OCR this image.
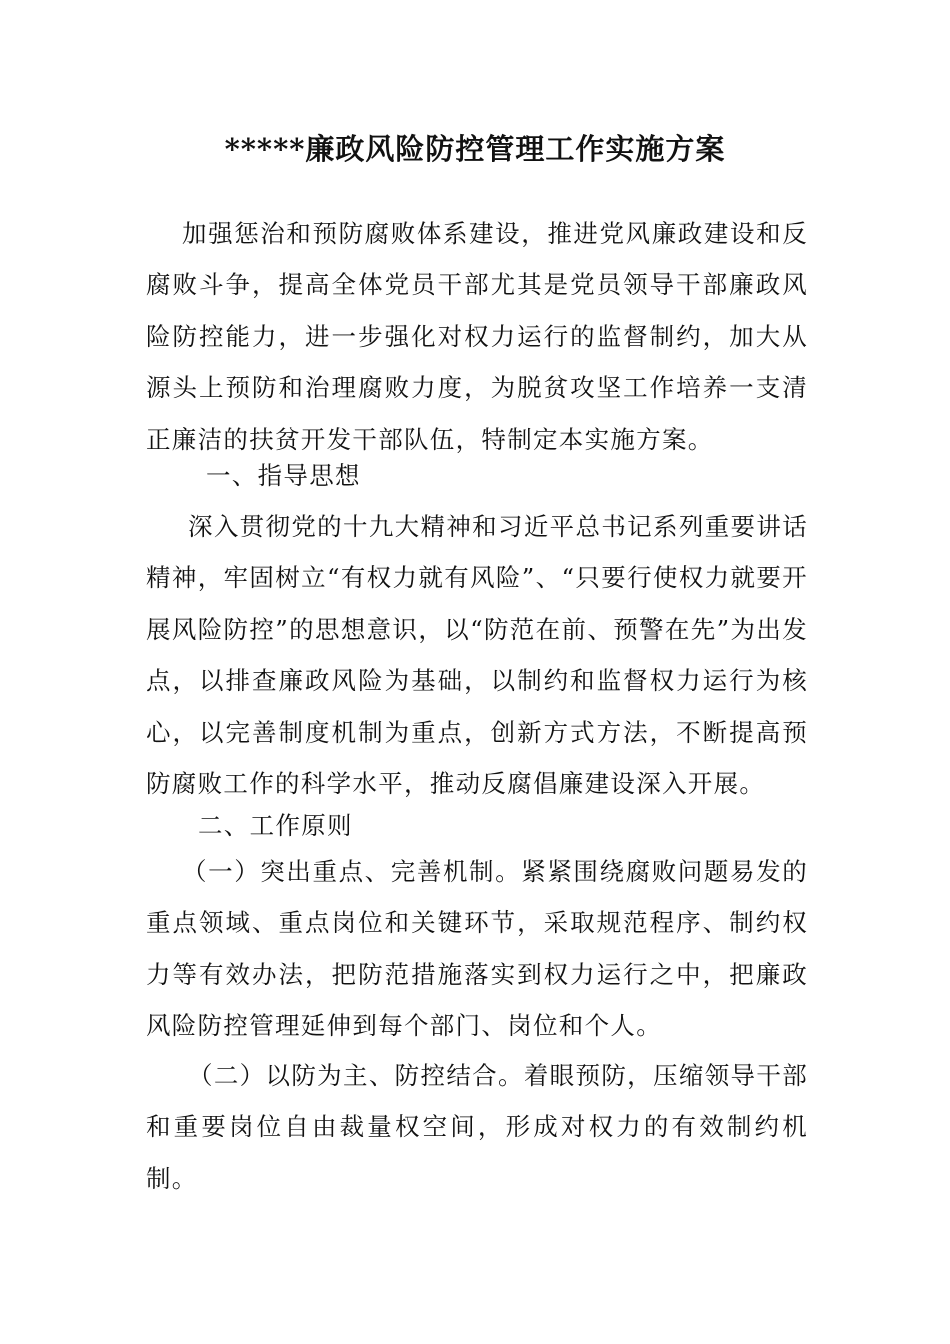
*****廉政风险防控管理工作实施方案

加强惩治和预防腐败体系建设，推进党风廉政建设和反腐败斗争，提高全体党员干部尤其是党员领导干部廉政风险防控能力，进一步强化对权力运行的监督制约，加大从源头上预防和治理腐败力度，为脱贫攻坚工作培养一支清正廉洁的扶贫开发干部队伍，特制定本实施方案。

一、指导思想

深入贯彻党的十九大精神和习近平总书记系列重要讲话精神，牢固树立“有权力就有风险”、“只要行使权力就要开展风险防控”的思想意识，以“防范在前、预警在先”为出发点，以排查廉政风险为基础，以制约和监督权力运行为核心，以完善制度机制为重点，创新方式方法，不断提高预防腐败工作的科学水平，推动反腐倡廉建设深入开展。

二、工作原则

（一）突出重点、完善机制。紧紧围绕腐败问题易发的重点领域、重点岗位和关键环节，采取规范程序、制约权力等有效办法，把防范措施落实到权力运行之中，把廉政风险防控管理延伸到每个部门、岗位和个人。

（二）以防为主、防控结合。着眼预防，压缩领导干部和重要岗位自由裁量权空间，形成对权力的有效制约机制。
